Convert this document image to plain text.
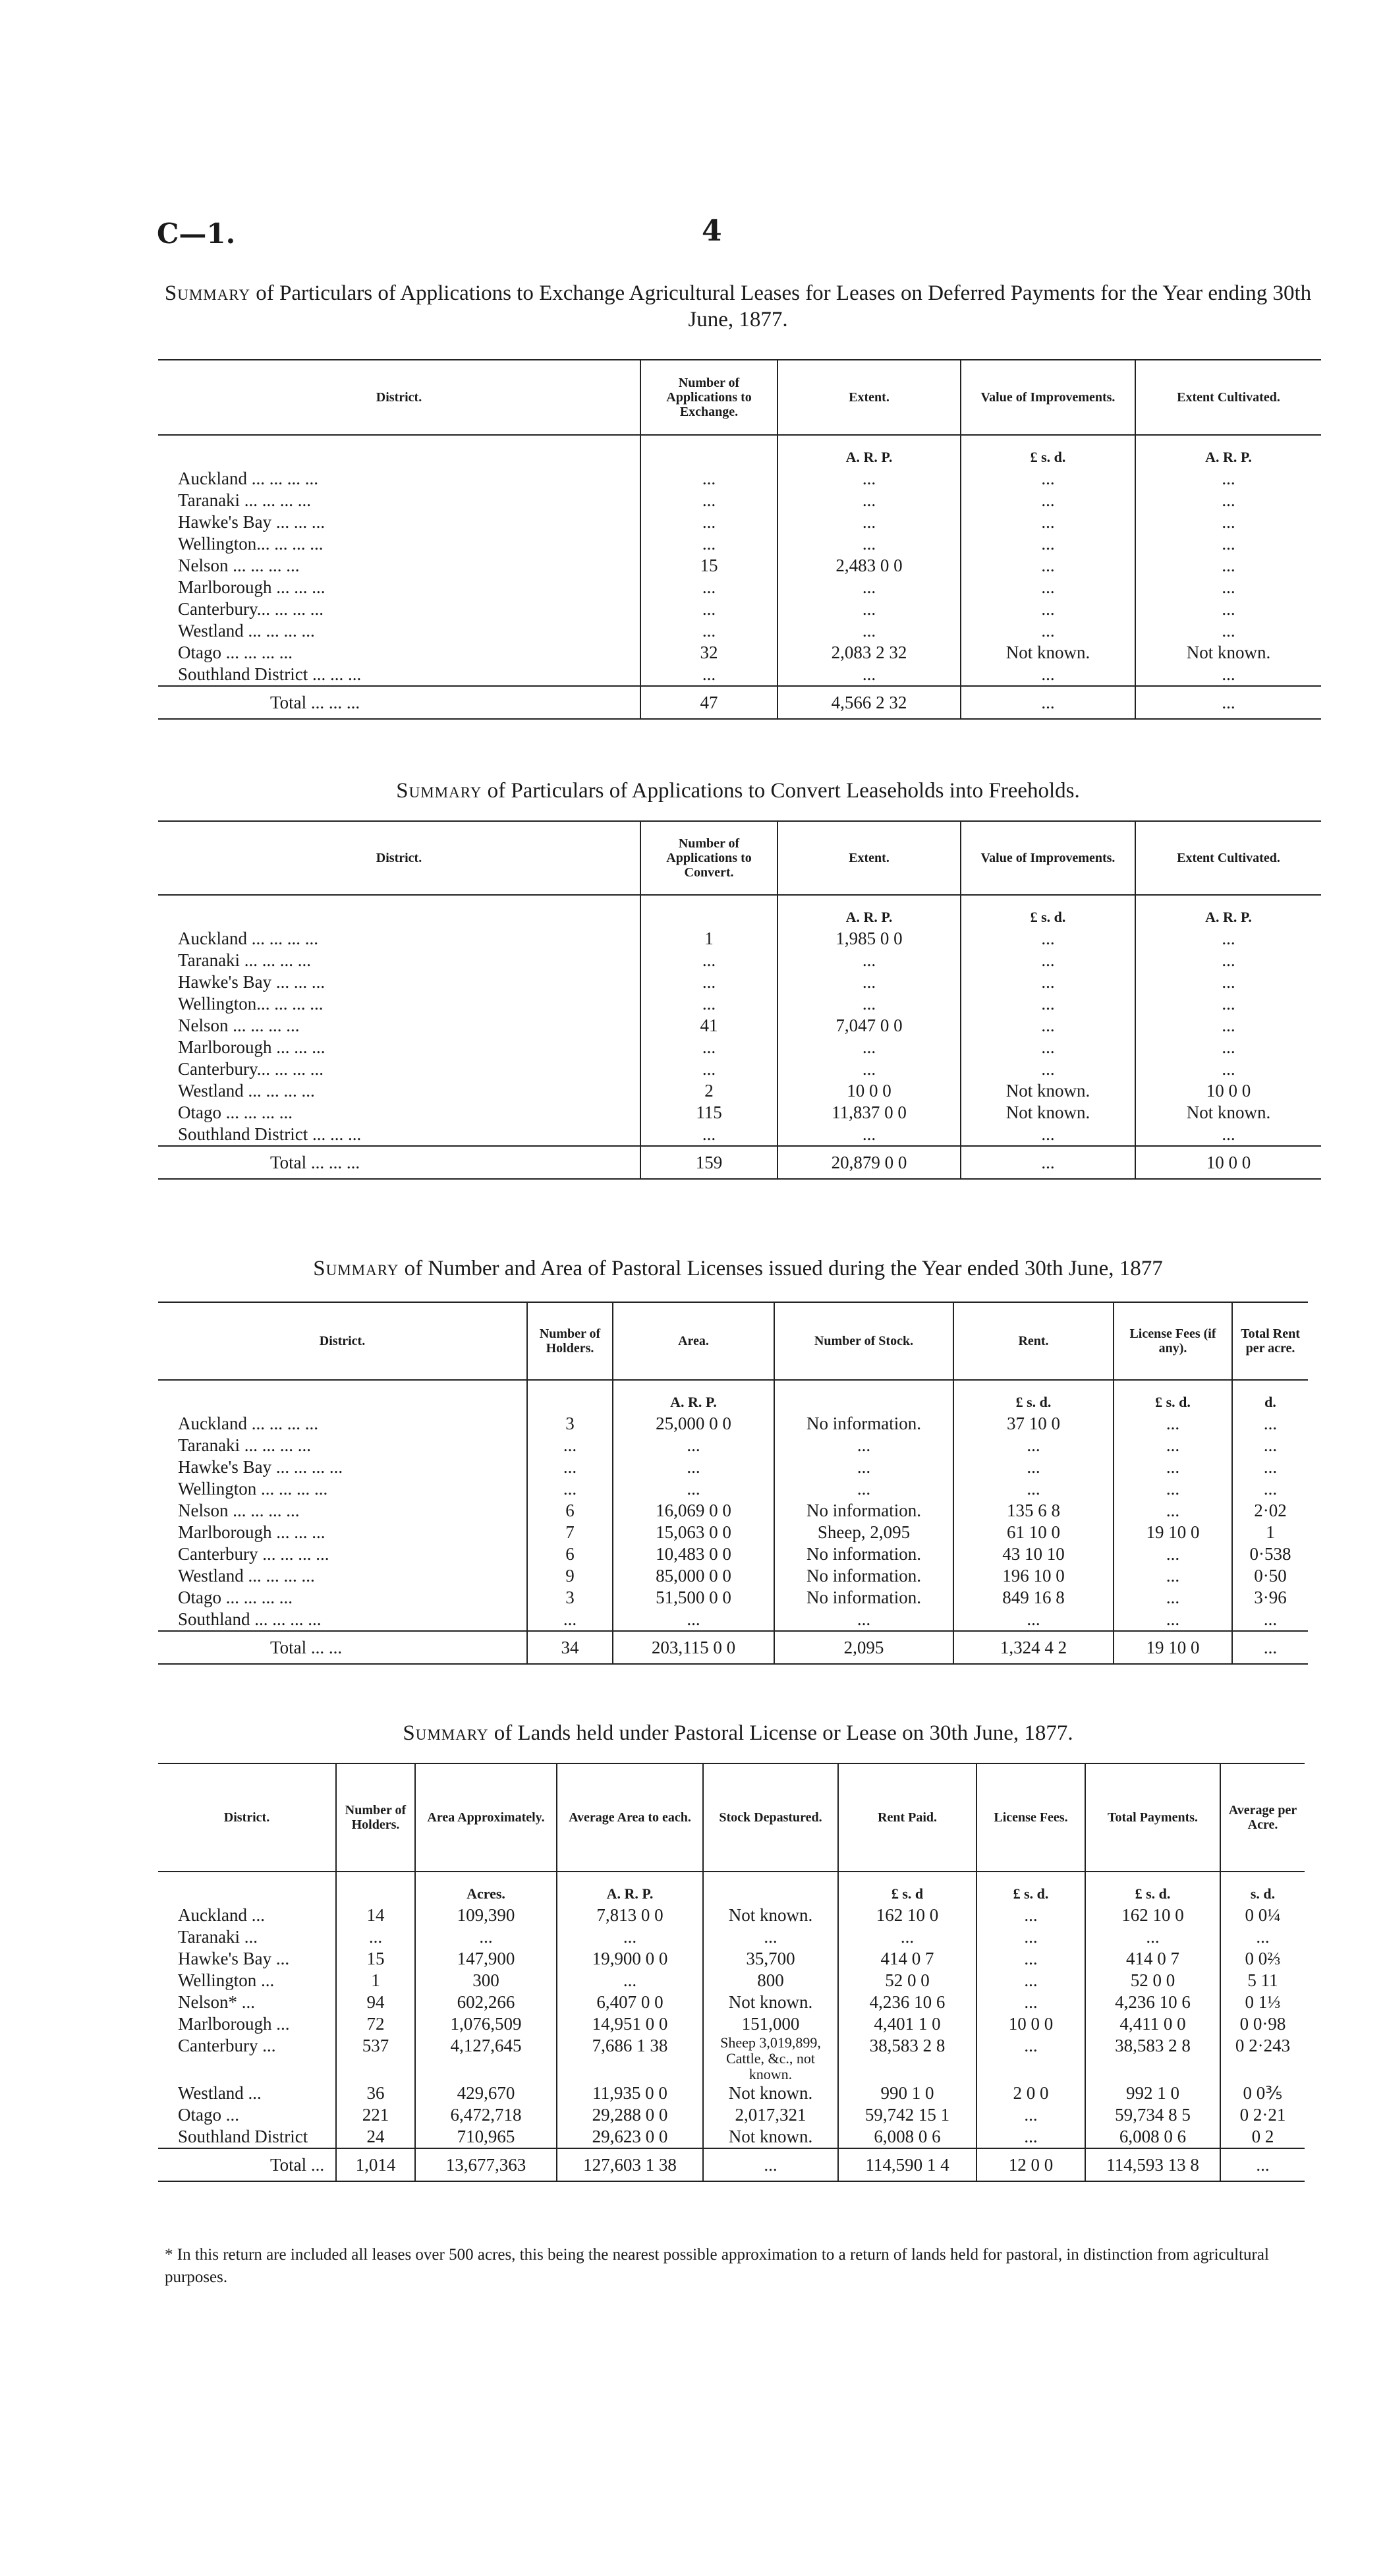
C—1.	4
Summary of Particulars of Applications to Exchange Agricultural Leases for Leases on Deferred Payments for the Year ending 30th June, 1877.
District.	Number of Applications to Exchange.	Extent.	Value of Improvements.	Extent Cultivated.
		A. R. P.	£ s. d.	A. R. P.
Auckland ... ... ... ...	...	...	...	...
Taranaki ... ... ... ...	...	...	...	...
Hawke's Bay ... ... ...	...	...	...	...
Wellington... ... ... ...	...	...	...	...
Nelson ... ... ... ...	15	2,483 0 0	...	...
Marlborough ... ... ...	...	...	...	...
Canterbury... ... ... ...	...	...	...	...
Westland ... ... ... ...	...	...	...	...
Otago ... ... ... ...	32	2,083 2 32	Not known.	Not known.
Southland District ... ... ...	...	...	...	...
Total ... ... ...	47	4,566 2 32	...	...
Summary of Particulars of Applications to Convert Leaseholds into Freeholds.
District.	Number of Applications to Convert.	Extent.	Value of Improvements.	Extent Cultivated.
		A. R. P.	£ s. d.	A. R. P.
Auckland ... ... ... ...	1	1,985 0 0	...	...
Taranaki ... ... ... ...	...	...	...	...
Hawke's Bay ... ... ...	...	...	...	...
Wellington... ... ... ...	...	...	...	...
Nelson ... ... ... ...	41	7,047 0 0	...	...
Marlborough ... ... ...	...	...	...	...
Canterbury... ... ... ...	...	...	...	...
Westland ... ... ... ...	2	10 0 0	Not known.	10 0 0
Otago ... ... ... ...	115	11,837 0 0	Not known.	Not known.
Southland District ... ... ...	...	...	...	...
Total ... ... ...	159	20,879 0 0	...	10 0 0
Summary of Number and Area of Pastoral Licenses issued during the Year ended 30th June, 1877
District.	Number of Holders.	Area.	Number of Stock.	Rent.	License Fees (if any).	Total Rent per acre.
		A. R. P.		£ s. d.	£ s. d.	d.
Auckland ... ... ... ...	3	25,000 0 0	No information.	37 10 0	...	...
Taranaki ... ... ... ...	...	...	...	...	...	...
Hawke's Bay ... ... ... ...	...	...	...	...	...	...
Wellington ... ... ... ...	...	...	...	...	...	...
Nelson ... ... ... ...	6	16,069 0 0	No information.	135 6 8	...	2·02
Marlborough ... ... ...	7	15,063 0 0	Sheep, 2,095	61 10 0	19 10 0	1
Canterbury ... ... ... ...	6	10,483 0 0	No information.	43 10 10	...	0·538
Westland ... ... ... ...	9	85,000 0 0	No information.	196 10 0	...	0·50
Otago ... ... ... ...	3	51,500 0 0	No information.	849 16 8	...	3·96
Southland ... ... ... ...	...	...	...	...	...	...
Total ... ...	34	203,115 0 0	2,095	1,324 4 2	19 10 0	...
Summary of Lands held under Pastoral License or Lease on 30th June, 1877.
District.	Number of Holders.	Area Approximately.	Average Area to each.	Stock Depastured.	Rent Paid.	License Fees.	Total Payments.	Average per Acre.
		Acres.	A. R. P.		£ s. d	£ s. d.	£ s. d.	s. d.
Auckland ...	14	109,390	7,813 0 0	Not known.	162 10 0	...	162 10 0	0 0¼
Taranaki ...	...	...	...	...	...	...	...	...
Hawke's Bay ...	15	147,900	19,900 0 0	35,700	414 0 7	...	414 0 7	0 0⅔
Wellington ...	1	300	...	800	52 0 0	...	52 0 0	5 11
Nelson* ...	94	602,266	6,407 0 0	Not known.	4,236 10 6	...	4,236 10 6	0 1⅓
Marlborough ...	72	1,076,509	14,951 0 0	151,000	4,401 1 0	10 0 0	4,411 0 0	0 0·98
Canterbury ...	537	4,127,645	7,686 1 38	Sheep 3,019,899, Cattle, &c., not known.	38,583 2 8	...	38,583 2 8	0 2·243
Westland ...	36	429,670	11,935 0 0	Not known.	990 1 0	2 0 0	992 1 0	0 0⅗
Otago ...	221	6,472,718	29,288 0 0	2,017,321	59,742 15 1	...	59,734 8 5	0 2·21
Southland District	24	710,965	29,623 0 0	Not known.	6,008 0 6	...	6,008 0 6	0 2
Total ...	1,014	13,677,363	127,603 1 38	...	114,590 1 4	12 0 0	114,593 13 8	...
* In this return are included all leases over 500 acres, this being the nearest possible approximation to a return of lands held for pastoral, in distinction from agricultural purposes.
